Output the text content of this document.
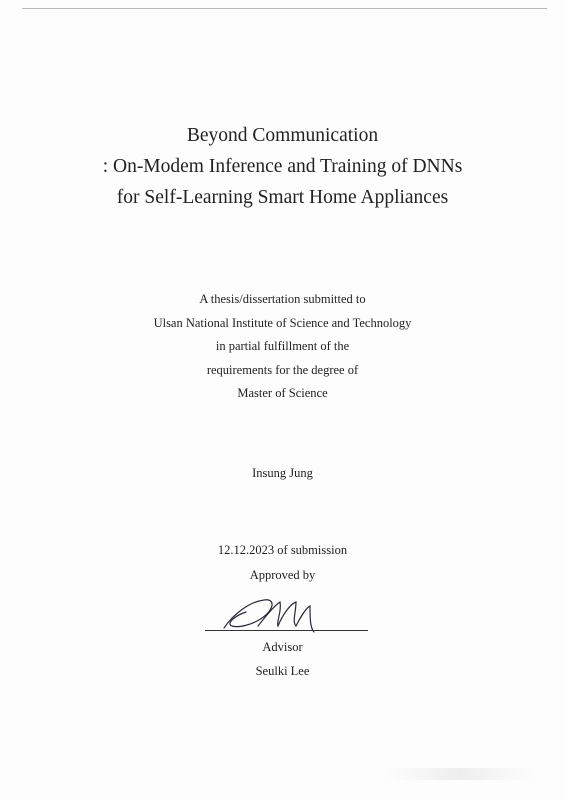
Beyond Communication
: On-Modem Inference and Training of DNNs
for Self-Learning Smart Home Appliances
A thesis/dissertation submitted to
Ulsan National Institute of Science and Technology
in partial fulfillment of the
requirements for the degree of
Master of Science
Insung Jung
12.12.2023 of submission
Approved by
Advisor
Seulki Lee
